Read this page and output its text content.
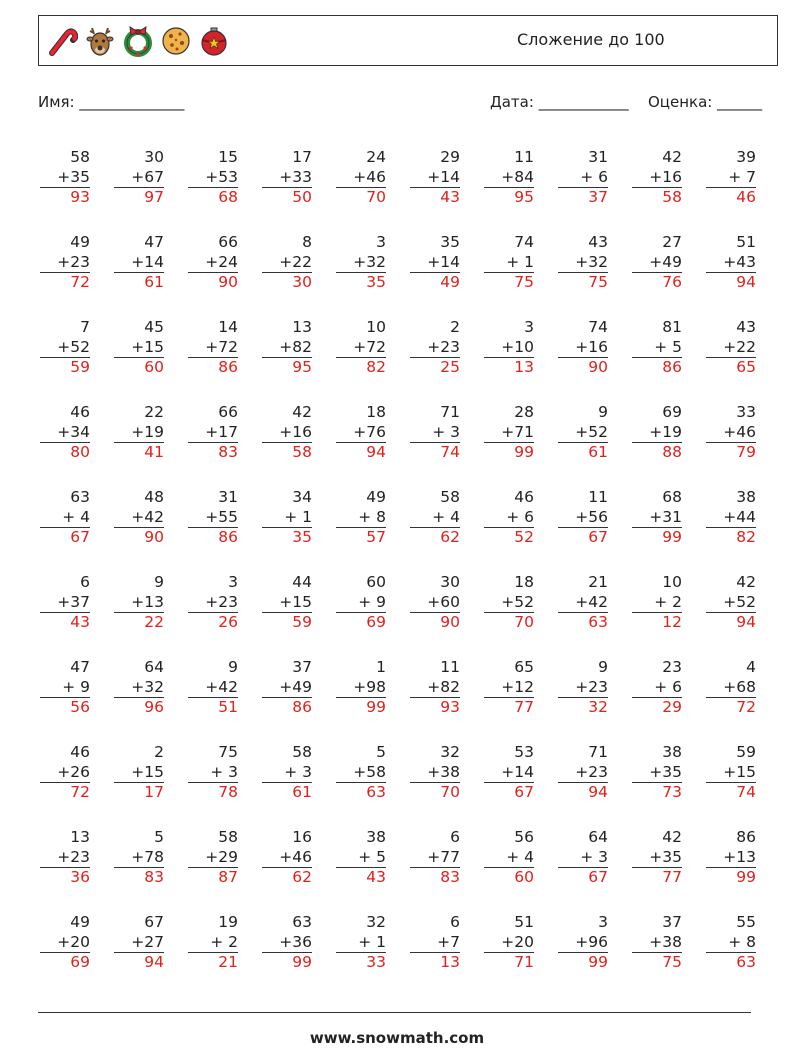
Сложение до 100
Имя: ______________	Дата: ____________ Оценка: ______
58
+35
93
30
+67
97
15
+53
68
17
+33
50
24
+46
70
29
+14
43
11
+84
95
31
+ 6
37
42
+16
58
39
+ 7
46
49
+23
72
47
+14
61
66
+24
90
8
+22
30
3
+32
35
35
+14
49
74
+ 1
75
43
+32
75
27
+49
76
51
+43
94
7
+52
59
45
+15
60
14
+72
86
13
+82
95
10
+72
82
2
+23
25
3
+10
13
74
+16
90
81
+ 5
86
43
+22
65
46
+34
80
22
+19
41
66
+17
83
42
+16
58
18
+76
94
71
+ 3
74
28
+71
99
9
+52
61
69
+19
88
33
+46
79
63
+ 4
67
48
+42
90
31
+55
86
34
+ 1
35
49
+ 8
57
58
+ 4
62
46
+ 6
52
11
+56
67
68
+31
99
38
+44
82
6
+37
43
9
+13
22
3
+23
26
44
+15
59
60
+ 9
69
30
+60
90
18
+52
70
21
+42
63
10
+ 2
12
42
+52
94
47
+ 9
56
64
+32
96
9
+42
51
37
+49
86
1
+98
99
11
+82
93
65
+12
77
9
+23
32
23
+ 6
29
4
+68
72
46
+26
72
2
+15
17
75
+ 3
78
58
+ 3
61
5
+58
63
32
+38
70
53
+14
67
71
+23
94
38
+35
73
59
+15
74
13
+23
36
5
+78
83
58
+29
87
16
+46
62
38
+ 5
43
6
+77
83
56
+ 4
60
64
+ 3
67
42
+35
77
86
+13
99
49
+20
69
67
+27
94
19
+ 2
21
63
+36
99
32
+ 1
33
6
+7
13
51
+20
71
3
+96
99
37
+38
75
55
+ 8
63
www.snowmath.com
